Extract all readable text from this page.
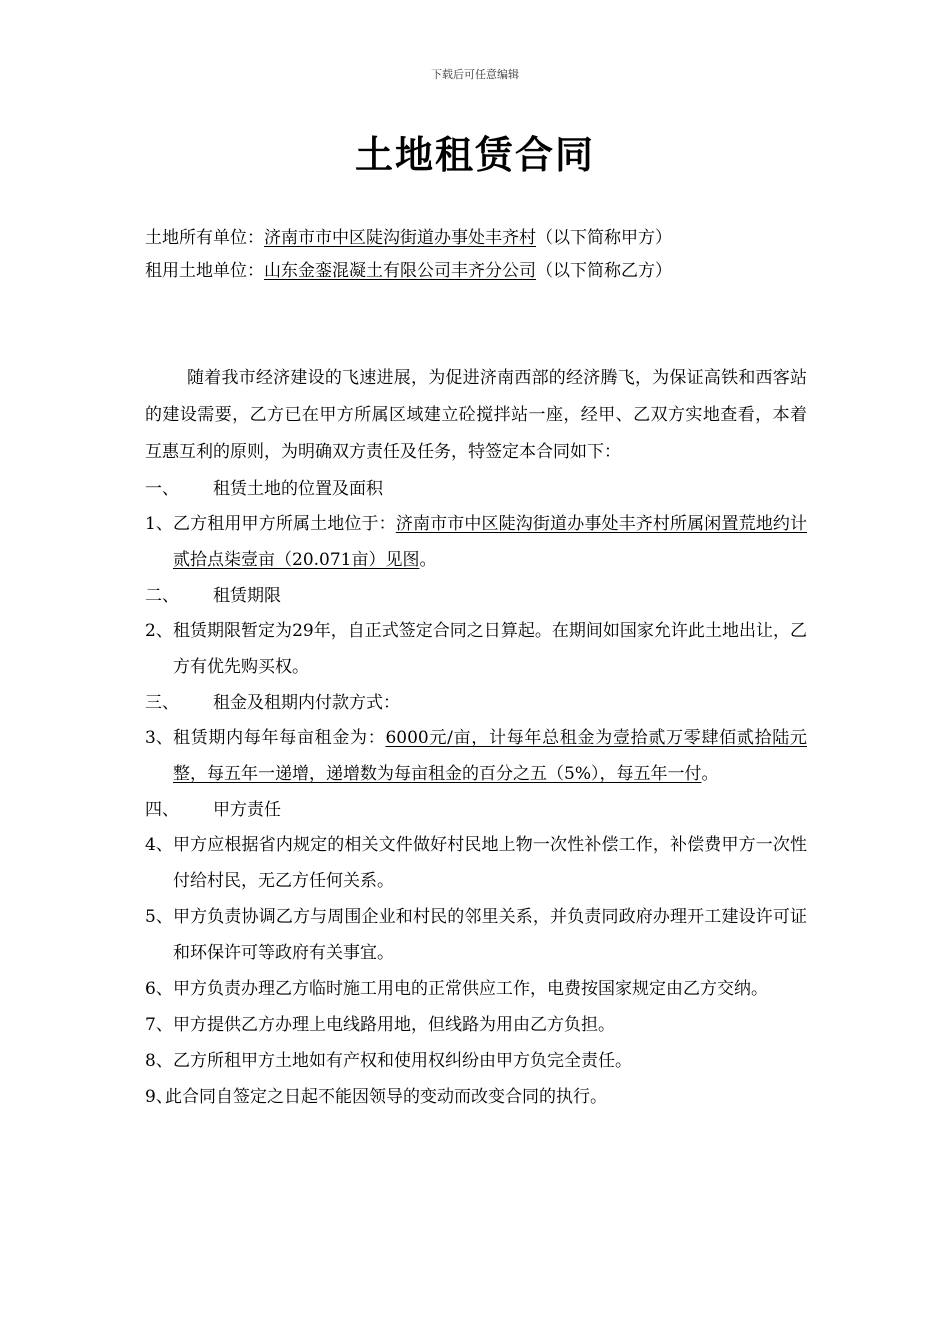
下载后可任意编辑
土地租赁合同
土地所有单位：济南市市中区陡沟街道办事处丰齐村（以下简称甲方）
租用土地单位：山东金銮混凝土有限公司丰齐分公司（以下简称乙方）

随着我市经济建设的飞速进展，为促进济南西部的经济腾飞，为保证高铁和西客站的建设需要，乙方已在甲方所属区域建立砼搅拌站一座，经甲、乙双方实地查看，本着互惠互利的原则，为明确双方责任及任务，特签定本合同如下：

一、 租赁土地的位置及面积
1、 乙方租用甲方所属土地位于：济南市市中区陡沟街道办事处丰齐村所属闲置荒地约计贰拾点柒壹亩（20.071亩）见图。
二、 租赁期限
2、 租赁期限暂定为29年，自正式签定合同之日算起。在期间如国家允许此土地出让，乙方有优先购买权。
三、 租金及租期内付款方式：
3、 租赁期内每年每亩租金为：6000元/亩，计每年总租金为壹拾贰万零肆佰贰拾陆元整，每五年一递增，递增数为每亩租金的百分之五（5%），每五年一付。
四、 甲方责任
4、 甲方应根据省内规定的相关文件做好村民地上物一次性补偿工作，补偿费甲方一次性付给村民，无乙方任何关系。
5、 甲方负责协调乙方与周围企业和村民的邻里关系，并负责同政府办理开工建设许可证和环保许可等政府有关事宜。
6、 甲方负责办理乙方临时施工用电的正常供应工作，电费按国家规定由乙方交纳。
7、 甲方提供乙方办理上电线路用地，但线路为用由乙方负担。
8、 乙方所租甲方土地如有产权和使用权纠纷由甲方负完全责任。
9、
此合同自签定之日起不能因领导的变动而改变合同的执行。
